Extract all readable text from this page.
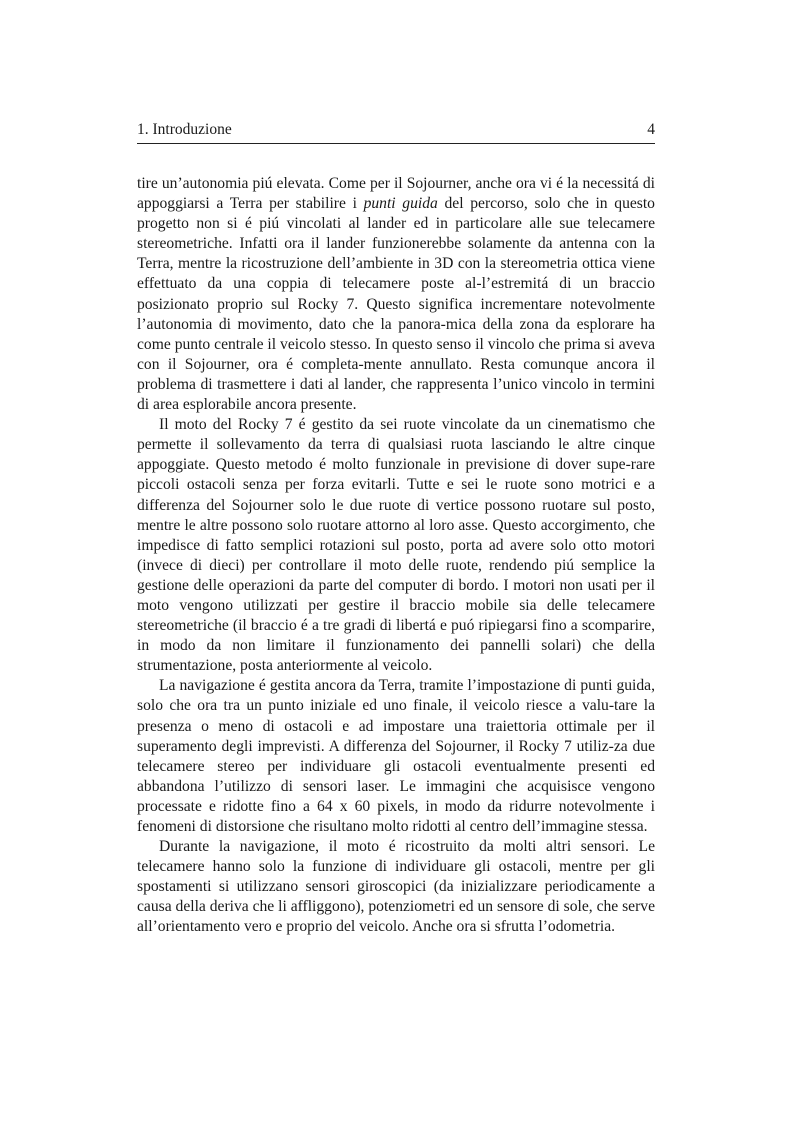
1. Introduzione	4

tire un’autonomia piú elevata. Come per il Sojourner, anche ora vi é la necessitá di appoggiarsi a Terra per stabilire i punti guida del percorso, solo che in questo progetto non si é piú vincolati al lander ed in particolare alle sue telecamere stereometriche. Infatti ora il lander funzionerebbe solamente da antenna con la Terra, mentre la ricostruzione dell’ambiente in 3D con la stereometria ottica viene effettuato da una coppia di telecamere poste al-l’estremitá di un braccio posizionato proprio sul Rocky 7. Questo significa incrementare notevolmente l’autonomia di movimento, dato che la panora-mica della zona da esplorare ha come punto centrale il veicolo stesso. In questo senso il vincolo che prima si aveva con il Sojourner, ora é completa-mente annullato. Resta comunque ancora il problema di trasmettere i dati al lander, che rappresenta l’unico vincolo in termini di area esplorabile ancora presente.

Il moto del Rocky 7 é gestito da sei ruote vincolate da un cinematismo che permette il sollevamento da terra di qualsiasi ruota lasciando le altre cinque appoggiate. Questo metodo é molto funzionale in previsione di dover supe-rare piccoli ostacoli senza per forza evitarli. Tutte e sei le ruote sono motrici e a differenza del Sojourner solo le due ruote di vertice possono ruotare sul posto, mentre le altre possono solo ruotare attorno al loro asse. Questo accorgimento, che impedisce di fatto semplici rotazioni sul posto, porta ad avere solo otto motori (invece di dieci) per controllare il moto delle ruote, rendendo piú semplice la gestione delle operazioni da parte del computer di bordo. I motori non usati per il moto vengono utilizzati per gestire il braccio mobile sia delle telecamere stereometriche (il braccio é a tre gradi di libertá e puó ripiegarsi fino a scomparire, in modo da non limitare il funzionamento dei pannelli solari) che della strumentazione, posta anteriormente al veicolo.

La navigazione é gestita ancora da Terra, tramite l’impostazione di punti guida, solo che ora tra un punto iniziale ed uno finale, il veicolo riesce a valu-tare la presenza o meno di ostacoli e ad impostare una traiettoria ottimale per il superamento degli imprevisti. A differenza del Sojourner, il Rocky 7 utiliz-za due telecamere stereo per individuare gli ostacoli eventualmente presenti ed abbandona l’utilizzo di sensori laser. Le immagini che acquisisce vengono processate e ridotte fino a 64 x 60 pixels, in modo da ridurre notevolmente i fenomeni di distorsione che risultano molto ridotti al centro dell’immagine stessa.

Durante la navigazione, il moto é ricostruito da molti altri sensori. Le telecamere hanno solo la funzione di individuare gli ostacoli, mentre per gli spostamenti si utilizzano sensori giroscopici (da inizializzare periodicamente a causa della deriva che li affliggono), potenziometri ed un sensore di sole, che serve all’orientamento vero e proprio del veicolo. Anche ora si sfrutta l’odometria.
